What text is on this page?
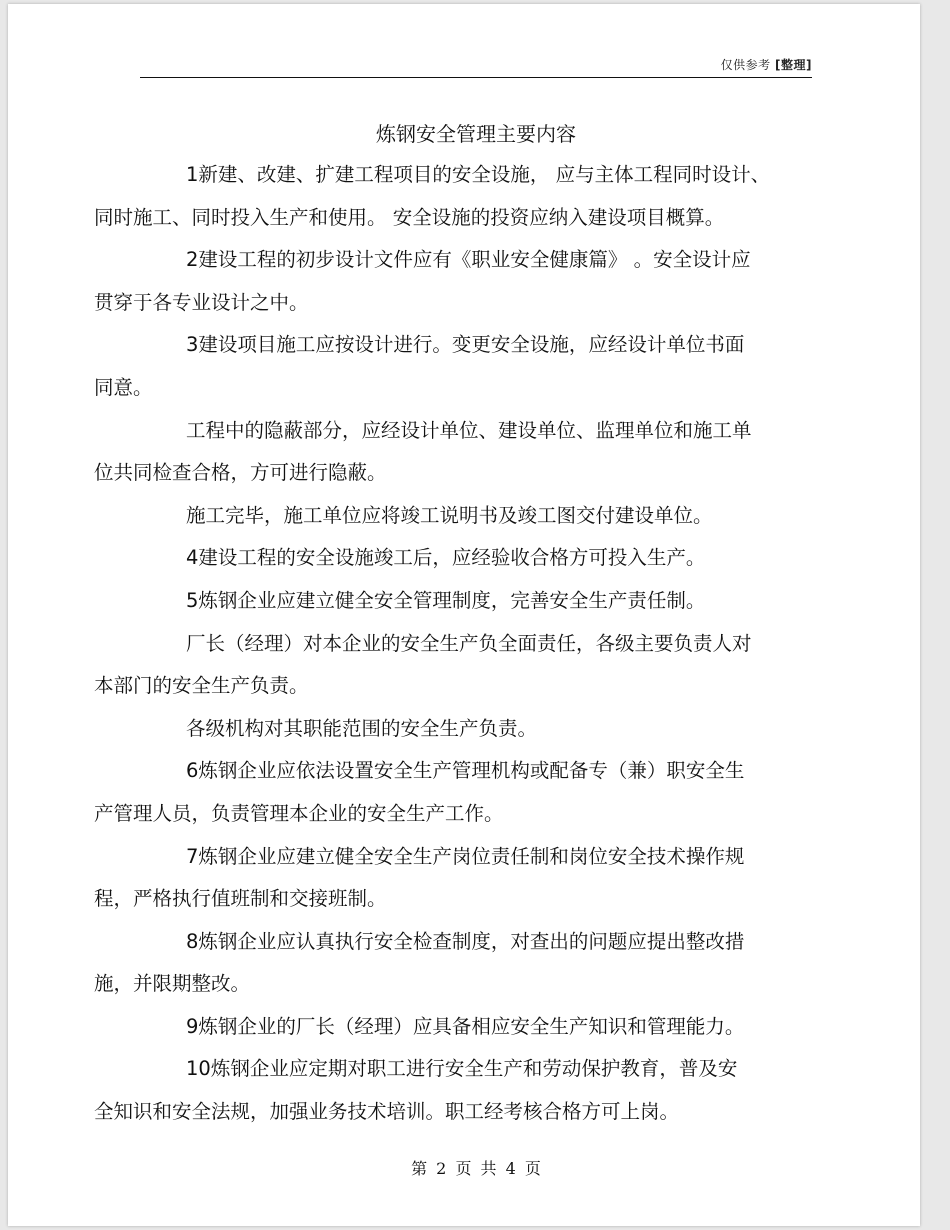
仅供参考 [整理]
炼钢安全管理主要内容
1新建、改建、扩建工程项目的安全设施， 应与主体工程同时设计、
同时施工、同时投入生产和使用。 安全设施的投资应纳入建设项目概算。
2建设工程的初步设计文件应有《职业安全健康篇》 。安全设计应
贯穿于各专业设计之中。
3建设项目施工应按设计进行。变更安全设施，应经设计单位书面
同意。
工程中的隐蔽部分，应经设计单位、建设单位、监理单位和施工单
位共同检查合格，方可进行隐蔽。
施工完毕，施工单位应将竣工说明书及竣工图交付建设单位。
4建设工程的安全设施竣工后，应经验收合格方可投入生产。
5炼钢企业应建立健全安全管理制度，完善安全生产责任制。
厂长（经理）对本企业的安全生产负全面责任，各级主要负责人对
本部门的安全生产负责。
各级机构对其职能范围的安全生产负责。
6炼钢企业应依法设置安全生产管理机构或配备专（兼）职安全生
产管理人员，负责管理本企业的安全生产工作。
7炼钢企业应建立健全安全生产岗位责任制和岗位安全技术操作规
程，严格执行值班制和交接班制。
8炼钢企业应认真执行安全检查制度，对查出的问题应提出整改措
施，并限期整改。
9炼钢企业的厂长（经理）应具备相应安全生产知识和管理能力。
10炼钢企业应定期对职工进行安全生产和劳动保护教育，普及安
全知识和安全法规，加强业务技术培训。职工经考核合格方可上岗。
第 2 页 共 4 页
